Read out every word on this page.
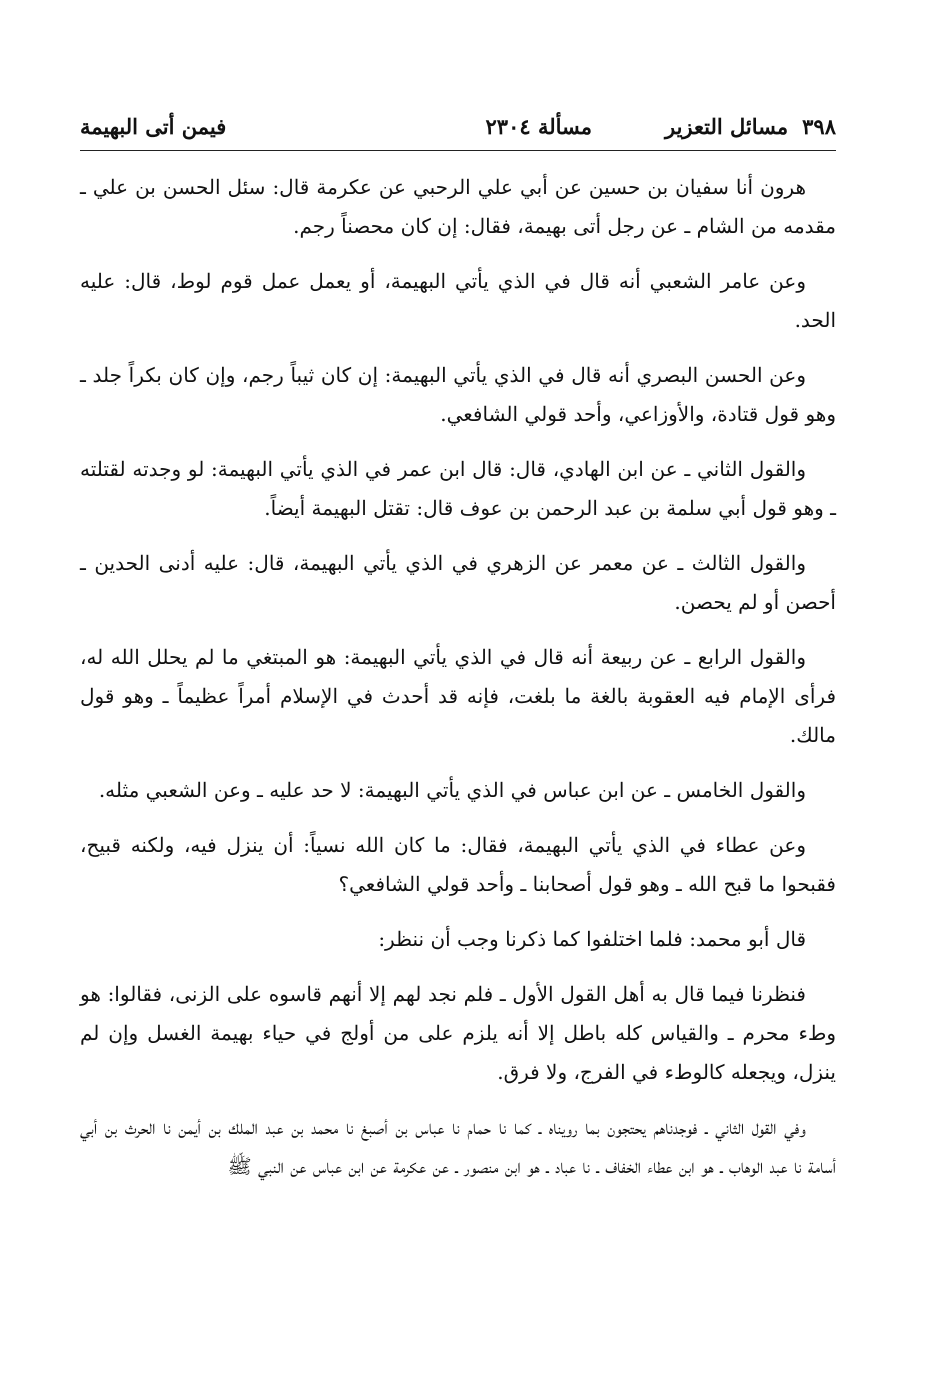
٣٩٨مسائل التعزير
مسألة ٢٣٠٤
فيمن أتى البهيمة

هرون أنا سفيان بن حسين عن أبي علي الرحبي عن عكرمة قال: سئل الحسن بن علي ـ مقدمه من الشام ـ عن رجل أتى بهيمة، فقال: إن كان محصناً رجم.

وعن عامر الشعبي أنه قال في الذي يأتي البهيمة، أو يعمل عمل قوم لوط، قال: عليه الحد.

وعن الحسن البصري أنه قال في الذي يأتي البهيمة: إن كان ثيباً رجم، وإن كان بكراً جلد ـ وهو قول قتادة، والأوزاعي، وأحد قولي الشافعي.

والقول الثاني ـ عن ابن الهادي، قال: قال ابن عمر في الذي يأتي البهيمة: لو وجدته لقتلته ـ وهو قول أبي سلمة بن عبد الرحمن بن عوف قال: تقتل البهيمة أيضاً.

والقول الثالث ـ عن معمر عن الزهري في الذي يأتي البهيمة، قال: عليه أدنى الحدين ـ أحصن أو لم يحصن.

والقول الرابع ـ عن ربيعة أنه قال في الذي يأتي البهيمة: هو المبتغي ما لم يحلل الله له، فرأى الإمام فيه العقوبة بالغة ما بلغت، فإنه قد أحدث في الإسلام أمراً عظيماً ـ وهو قول مالك.

والقول الخامس ـ عن ابن عباس في الذي يأتي البهيمة: لا حد عليه ـ وعن الشعبي مثله.

وعن عطاء في الذي يأتي البهيمة، فقال: ما كان الله نسياً: أن ينزل فيه، ولكنه قبيح، فقبحوا ما قبح الله ـ وهو قول أصحابنا ـ وأحد قولي الشافعي؟

قال أبو محمد: فلما اختلفوا كما ذكرنا وجب أن ننظر:

فنظرنا فيما قال به أهل القول الأول ـ فلم نجد لهم إلا أنهم قاسوه على الزنى، فقالوا: هو وطء محرم ـ والقياس كله باطل إلا أنه يلزم على من أولج في حياء بهيمة الغسل وإن لم ينزل، ويجعله كالوطء في الفرج، ولا فرق.

وفي القول الثاني ـ فوجدناهم يحتجون بما رويناه ـ كما نا حمام نا عباس بن أصبغ نا محمد بن عبد الملك بن أيمن نا الحرث بن أبي أسامة نا عبد الوهاب ـ هو ابن عطاء الخفاف ـ نا عباد ـ هو ابن منصور ـ عن عكرمة عن ابن عباس عن النبي ﷺ
